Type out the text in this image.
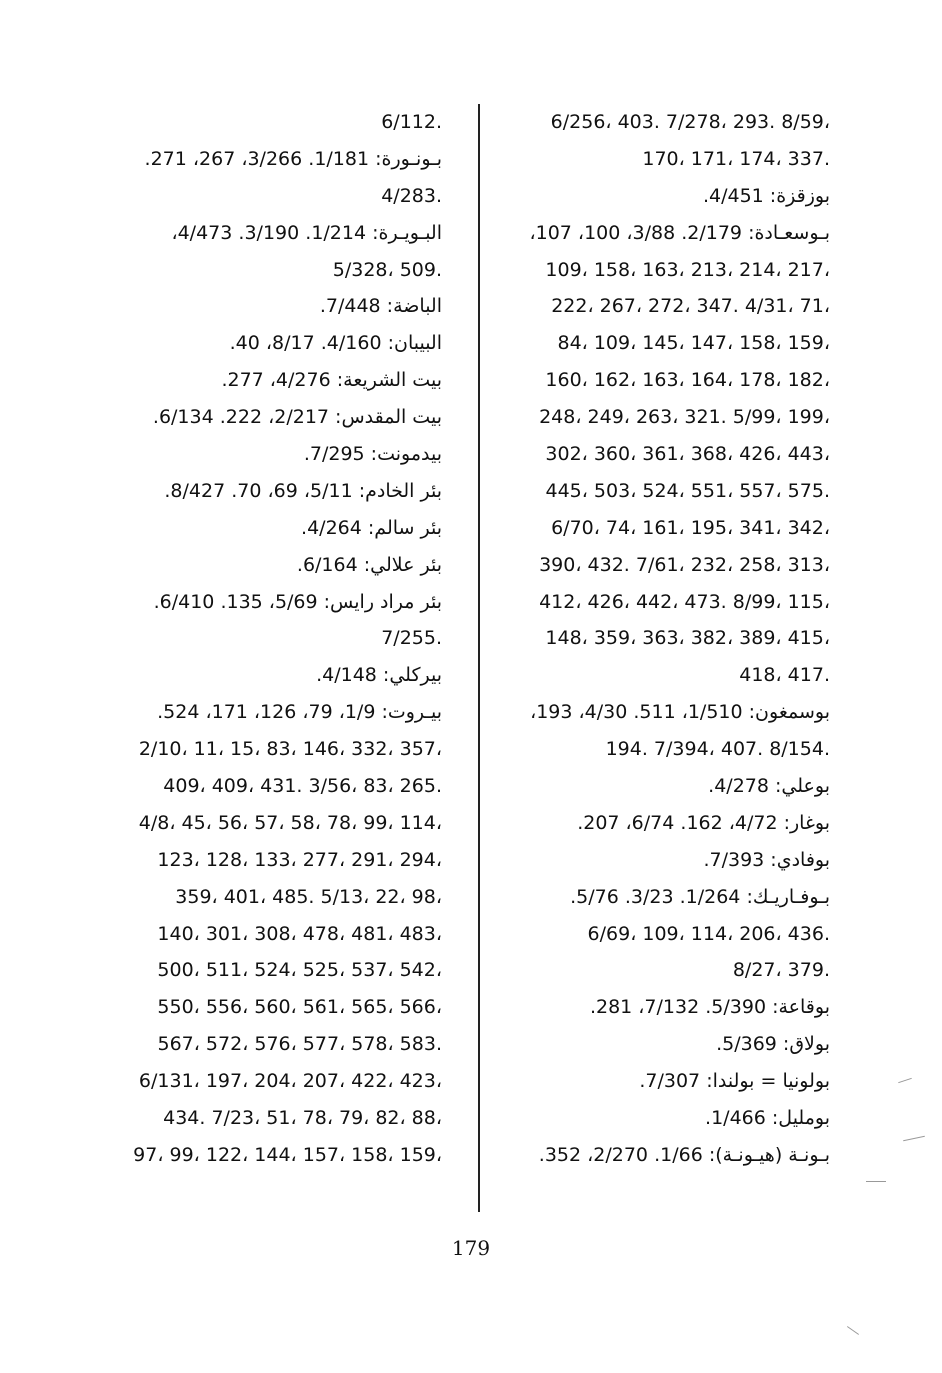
6/256، 403. 7/278، 293. 8/59،
170، 171، 174، 337.
بوزقزة: 4/451.
بـوسعـادة: 2/179. 3/88، 100، 107،
109، 158، 163، 213، 214، 217،
222، 267، 272، 347. 4/31، 71،
84، 109، 145، 147، 158، 159،
160، 162، 163، 164، 178، 182،
248، 249، 263، 321. 5/99، 199،
302، 360، 361، 368، 426، 443،
445، 503، 524، 551، 557، 575.
6/70، 74، 161، 195، 341، 342،
390، 432. 7/61، 232، 258، 313،
412، 426، 442، 473. 8/99، 115،
148، 359، 363، 382، 389، 415،
418، 417.
بوسمغون: 1/510، 511. 4/30، 193،
194. 7/394، 407. 8/154.
بوعلي: 4/278.
بوغار: 4/72، 162. 6/74، 207.
بوفادي: 7/393.
بـوفـاريـك: 1/264. 3/23. 5/76.
6/69، 109، 114، 206، 436.
8/27، 379.
بوقاعة: 5/390. 7/132، 281.
بولاق: 5/369.
بولونيا = بولندا: 7/307.
بومليل: 1/466.
بـونـة (هيـونـة): 1/66. 2/270، 352.
6/112.
بـونـورة: 1/181. 3/266، 267، 271.
4/283.
البـويـرة: 1/214. 3/190. 4/473،
5/328، 509.
الباضة: 7/448.
البيبان: 4/160. 8/17، 40.
بيت الشريعة: 4/276، 277.
بيت المقدس: 2/217، 222. 6/134.
بيدمونت: 7/295.
بئر الخادم: 5/11، 69، 70. 8/427.
بئر سالم: 4/264.
بئر علالي: 6/164.
بئر مراد رايس: 5/69، 135. 6/410.
7/255.
بيركلي: 4/148.
بيـروت: 1/9، 79، 126، 171، 524.
2/10، 11، 15، 83، 146، 332، 357،
409، 409، 431. 3/56، 83، 265.
4/8، 45، 56، 57، 58، 78، 99، 114،
123، 128، 133، 277، 291، 294،
359، 401، 485. 5/13، 22، 98،
140، 301، 308، 478، 481، 483،
500، 511، 524، 525، 537، 542،
550، 556، 560، 561، 565، 566،
567، 572، 576، 577، 578، 583.
6/131، 197، 204، 207، 422، 423،
434. 7/23، 51، 78، 79، 82، 88،
97، 99، 122، 144، 157، 158، 159،
179
